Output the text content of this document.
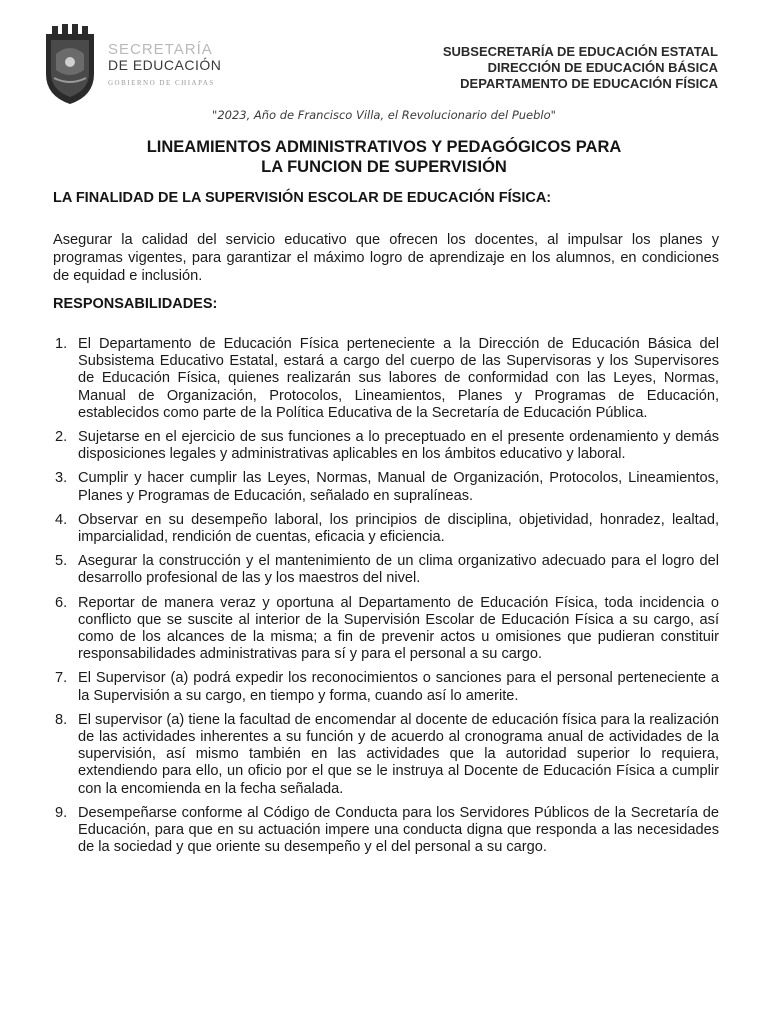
SECRETARÍA
DE EDUCACIÓN
GOBIERNO DE CHIAPAS
SUBSECRETARÍA DE EDUCACIÓN ESTATAL
DIRECCIÓN DE EDUCACIÓN BÁSICA
DEPARTAMENTO DE EDUCACIÓN FÍSICA
"2023, Año de Francisco Villa, el Revolucionario del Pueblo"
LINEAMIENTOS ADMINISTRATIVOS Y PEDAGÓGICOS PARA
LA FUNCION DE SUPERVISIÓN
LA FINALIDAD DE LA SUPERVISIÓN ESCOLAR DE EDUCACIÓN FÍSICA:
Asegurar la calidad del servicio educativo que ofrecen los docentes, al impulsar los planes y programas vigentes, para garantizar el máximo logro de aprendizaje en los alumnos, en condiciones de equidad e inclusión.
RESPONSABILIDADES:
1. El Departamento de Educación Física perteneciente a la Dirección de Educación Básica del Subsistema Educativo Estatal, estará a cargo del cuerpo de las Supervisoras y los Supervisores de Educación Física, quienes realizarán sus labores de conformidad con las Leyes, Normas, Manual de Organización, Protocolos, Lineamientos, Planes y Programas de Educación, establecidos como parte de la Política Educativa de la Secretaría de Educación Pública.
2. Sujetarse en el ejercicio de sus funciones a lo preceptuado en el presente ordenamiento y demás disposiciones legales y administrativas aplicables en los ámbitos educativo y laboral.
3. Cumplir y hacer cumplir las Leyes, Normas, Manual de Organización, Protocolos, Lineamientos, Planes y Programas de Educación, señalado en supralíneas.
4. Observar en su desempeño laboral, los principios de disciplina, objetividad, honradez, lealtad, imparcialidad, rendición de cuentas, eficacia y eficiencia.
5. Asegurar la construcción y el mantenimiento de un clima organizativo adecuado para el logro del desarrollo profesional de las y los maestros del nivel.
6. Reportar de manera veraz y oportuna al Departamento de Educación Física, toda incidencia o conflicto que se suscite al interior de la Supervisión Escolar de Educación Física a su cargo, así como de los alcances de la misma; a fin de prevenir actos u omisiones que pudieran constituir responsabilidades administrativas para sí y para el personal a su cargo.
7. El Supervisor (a) podrá expedir los reconocimientos o sanciones para el personal perteneciente a la Supervisión a su cargo, en tiempo y forma, cuando así lo amerite.
8. El supervisor (a) tiene la facultad de encomendar al docente de educación física para la realización de las actividades inherentes a su función y de acuerdo al cronograma anual de actividades de la supervisión, así mismo también en las actividades que la autoridad superior lo requiera, extendiendo para ello, un oficio por el que se le instruya al Docente de Educación Física a cumplir con la encomienda en la fecha señalada.
9. Desempeñarse conforme al Código de Conducta para los Servidores Públicos de la Secretaría de Educación, para que en su actuación impere una conducta digna que responda a las necesidades de la sociedad y que oriente su desempeño y el del personal a su cargo.
